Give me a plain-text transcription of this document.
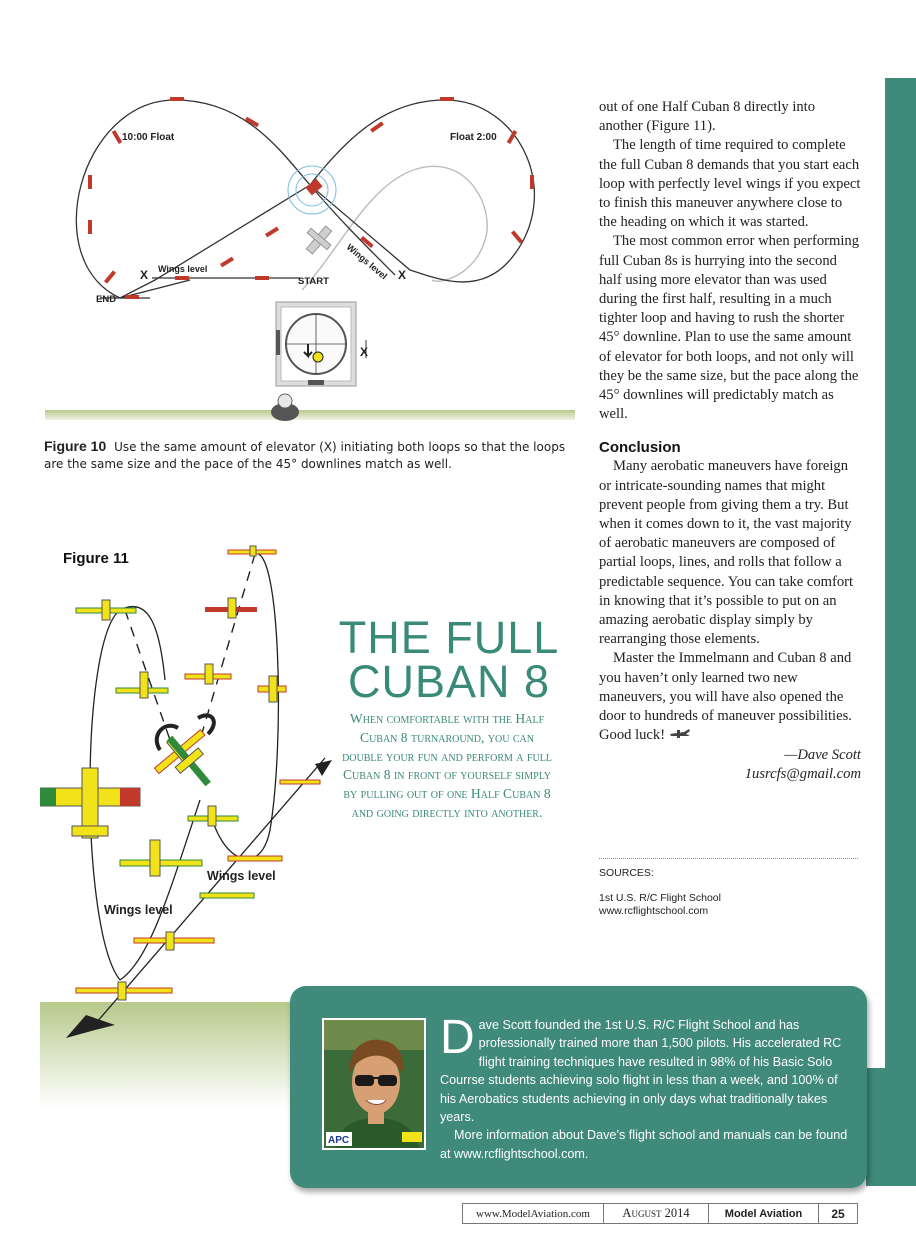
10:00 Float	Float 2:00
Wings level	Wings level
X	X
START
END
X
Figure 10 Use the same amount of elevator (X) initiating both loops so that the loops are the same size and the pace of the 45° downlines match as well.

out of one Half Cuban 8 directly into another (Figure 11).

The length of time required to complete the full Cuban 8 demands that you start each loop with perfectly level wings if you expect to finish this maneuver anywhere close to the heading on which it was started.

The most common error when performing full Cuban 8s is hurrying into the second half using more elevator than was used during the first half, resulting in a much tighter loop and having to rush the shorter 45° downline. Plan to use the same amount of elevator for both loops, and not only will they be the same size, but the pace along the 45° downlines will predictably match as well.

Conclusion

Many aerobatic maneuvers have foreign or intricate-sounding names that might prevent people from giving them a try. But when it comes down to it, the vast majority of aerobatic maneuvers are composed of partial loops, lines, and rolls that follow a predictable sequence. You can take comfort in knowing that it’s possible to put on an amazing aerobatic display simply by rearranging those elements.

Master the Immelmann and Cuban 8 and you haven’t only learned two new maneuvers, you will have also opened the door to hundreds of maneuver possibilities. Good luck!

—Dave Scott

1usrcfs@gmail.com

SOURCES:
1st U.S. R/C Flight School
www.rcflightschool.com
Wings level
Wings level
Figure 11
THE FULL
CUBAN 8
When comfortable with the Half Cuban 8 turnaround, you can double your fun and perform a full Cuban 8 in front of yourself simply by pulling out of one Half Cuban 8 and going directly into another.
APC
D ave Scott founded the 1st U.S. R/C Flight School and has professionally trained more than 1,500 pilots. His accelerated RC flight training techniques have resulted in 98% of his Basic Solo Courrse students achieving solo flight in less than a week, and 100% of his Aerobatics students achieving in only days what traditionally takes years.
More information about Dave’s flight school and manuals can be found at www.rcflightschool.com.
www.ModelAviation.com	August 2014	Model Aviation	25
